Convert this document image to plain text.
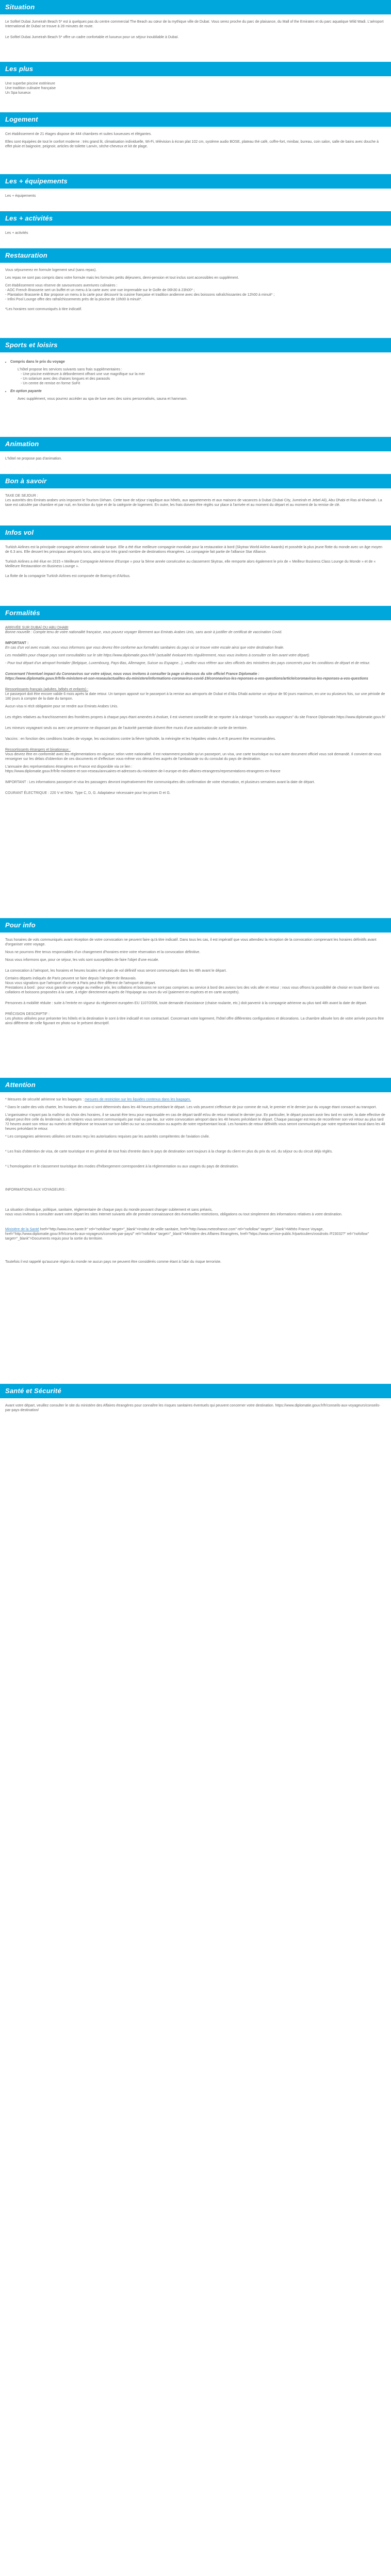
Situation

Le Sofitel Dubai Jumeirah Beach 5* est à quelques pas du centre commercial The Beach au cœur de la mythique ville de Dubaï. Vous serez proche du parc de plaisance, du Mall of the Emirates et du parc aquatique Wild Wadi. L'aéroport International de Dubaï se trouve à 28 minutes de route.

Le Sofitel Dubai Jumeirah Beach 5* offre un cadre confortable et luxueux pour un séjour inoubliable à Dubaï.

Les plus
Une superbe piscine extérieure
Une tradition culinaire française
Un Spa luxueux
Logement

Cet établissement de 21 étages dispose de 444 chambres et suites luxueuses et élégantes.

Elles sont équipées de tout le confort moderne : très grand lit, climatisation individuelle, Wi-Fi, télévision à écran plat 102 cm, système audio BOSE, plateau thé café, coffre-fort, minibar, bureau, coin salon, salle de bains avec douche à effet pluie et baignoire, peignoir, articles de toilette Lanvin, sèche-cheveux et kit de plage.

Les + équipements

Les + équipements

Les + activités

Les + activités

Restauration

Vous séjournerez en formule logement seul (sans repas).

Les repas ne sont pas compris dans votre formule mais les formules petits déjeuners, demi-pension et tout inclus sont accessibles en supplément.

Cet établissement vous réserve de savoureuses aventures culinaires :
- AOC French Brasserie sert un buffet et un menu à la carte avec une vue imprenable sur le Golfe de 06h30 à 23h00* ;
- Plantation Brasserie & Bar propose un menu à la carte pour découvrir la cuisine française et tradition andienne avec des boissons rafraîchissantes de 12h00 à minuit* ;
- Infini Pool Lounge offre des rafraîchissements près de la piscine de 10h00 à minuit*.
*Les horaires sont communiqués à titre indicatif.
Sports et loisirs
• Compris dans le prix du voyage
L'hôtel propose les services suivants sans frais supplémentaires :
- Une piscine extérieure à débordement offrant une vue magnifique sur la mer
- Un solarium avec des chaises longues et des parasols
- Un centre de remise en forme SoFit
• En option payante
Avec supplément, vous pourrez accéder au spa de luxe avec des soins personnalisés, sauna et hammam.
Animation

L'hôtel ne propose pas d'animation.

Bon à savoir
TAXE DE SEJOUR :
Les autorités des Emirats arabes unis imposent le Tourism Dirham. Cette taxe de séjour s'applique aux hôtels, aux appartements et aux maisons de vacances à Dubaï (Dubaï City, Jumeirah et Jebel Ali), Abu Dhabi et Ras al-Khaimah. La taxe est calculée par chambre et par nuit, en fonction du type et de la catégorie de logement. En outre, les frais doivent être réglés sur place à l'arrivée et au moment du départ et au moment de la remise de clé.
Infos vol

Turkish Airlines est la principale compagnie aérienne nationale turque. Elle a été élue meilleure compagnie mondiale pour la restauration à bord (Skytrax World Airline Awards) et possède la plus jeune flotte du monde avec un âge moyen de 6.3 ans. Elle dessert les principaux aéroports turcs, ainsi qu'un très grand nombre de destinations étrangères. La compagnie fait partie de l'alliance Star Alliance.

Turkish Airlines a été élue en 2015 « Meilleure Compagnie Aérienne d'Europe » pour la 5ème année consécutive au classement Skytrax, elle remporte alors également le prix de « Meilleur Business Class Lounge du Monde » et de « Meilleure Restauration en Business Lounge ».

La flotte de la compagnie Turkish Airlines est composée de Boeing et d'Airbus.

Formalités
ARRIVÉE SUR DUBAÏ OU ABU DHABI

Bonne nouvelle : Compte tenu de votre nationalité française, vous pouvez voyager librement aux Emirats Arabes Unis, sans avoir à justifier de certificat de vaccination Covid.

IMPORTANT :

En cas d'un vol avec escale, nous vous informons que vous devrez être conforme aux formalités sanitaires du pays où se trouve votre escale ainsi que votre destination finale.

Les modalités pour chaque pays sont consultables sur le site https://www.diplomatie.gouv.fr/fr/ (actualité évoluant très régulièrement, nous vous invitons à consulter ce lien avant votre départ).

- Pour tout départ d'un aéroport frontalier (Belgique, Luxembourg, Pays-Bas, Allemagne, Suisse ou Espagne...), veuillez vous référer aux sites officiels des ministères des pays concernés pour les conditions de départ et de retour.

Concernant l'éventuel impact du Coronavirus sur votre séjour, nous vous invitons à consulter la page ci-dessous du site officiel France Diplomatie :

https://www.diplomatie.gouv.fr/fr/le-ministere-et-son-reseau/actualites-du-ministere/informations-coronavirus-covid-19/coronavirus-les-reponses-a-vos-questions/article/coronavirus-les-reponses-a-vos-questions

Ressortissants français (adultes, bébés et enfants) :

Le passeport doit être encore valide 6 mois après la date retour. Un tampon apposé sur le passeport à la remise aux aéroports de Dubaï et d'Abu Dhabi autorise un séjour de 90 jours maximum, en une ou plusieurs fois, sur une période de 180 jours à compter de la date du tampon.

Aucun visa ni récit obligatoire pour se rendre aux Emirats Arabes Unis.

Les règles relatives au franchissement des frontières propres à chaque pays étant amenées à évoluer, il est vivement conseillé de se reporter à la rubrique "conseils aux voyageurs" du site France Diplomatie.https://www.diplomatie.gouv.fr/

Les mineurs voyageant seuls ou avec une personne ne disposant pas de l'autorité parentale doivent être munis d'une autorisation de sortie de territoire.

Vaccins : en fonction des conditions locales de voyage, les vaccinations contre la fièvre typhoïde, la méningite et les hépatites virales A et B peuvent être recommandées.

Ressortissants étrangers et binationaux :

Vous devrez être en conformité avec les réglementations en vigueur, selon votre nationalité. Il est notamment possible qu'un passeport, un visa, une carte touristique ou tout autre document officiel vous soit demandé. Il convient de vous renseigner sur les délais d'obtention de ces documents et d'effectuer vous-même vos démarches auprès de l'ambassade ou du consulat du pays de destination.

L'annuaire des représentations étrangères en France est disponible via ce lien :

https://www.diplomatie.gouv.fr/fr/le-ministere-et-son-reseau/annuaires-et-adresses-du-ministere-de-l-europe-et-des-affaires-etrangeres/representations-etrangeres-en-france

IMPORTANT : Les informations passeport et visa les passagers devront impérativement être communiquées dès confirmation de votre réservation, et plusieurs semaines avant la date de départ.

COURANT ÉLECTRIQUE : 220 V et 50Hz. Type C, D, G. Adaptateur nécessaire pour les prises D et G.

Pour info

Tous horaires de vols communiqués avant réception de votre convocation ne peuvent faire qu'à titre indicatif. Dans tous les cas, il est impératif que vous attendiez la réception de la convocation comprenant les horaires définitifs avant d'organiser votre voyage.

Nous ne pourrons être tenus responsables d'un changement d'horaires entre votre réservation et la convocation définitive.

Nous vous informons que, pour ce séjour, les vols sont susceptibles de faire l'objet d'une escale.

La convocation à l'aéroport, les horaires et heures locales et le plan de vol définitif vous seront communiqués dans les 48h avant le départ.

Certains départs indiqués de Paris peuvent se faire depuis l'aéroport de Beauvais.
Nous vous signalons que l'aéroport d'arrivée à Paris peut être différent de l'aéroport de départ.

Prestations à bord : pour vous garantir un voyage au meilleur prix, les collations et boissons ne sont pas comprises au service à bord des avions lors des vols aller et retour ; nous vous offrons la possibilité de choisir en toute liberté vos collations et boissons proposées à la carte, à régler directement auprès de l'équipage au cours du vol (paiement en espèces et en carte acceptés).

Personnes à mobilité réduite : suite à l'entrée en vigueur du règlement européen EU 1107/2006, toute demande d'assistance (chaise roulante, etc.) doit parvenir à la compagnie aérienne au plus tard 48h avant la date de départ.

PRÉCISION DESCRIPTIF :

Les photos utilisées pour présenter les hôtels et la destination le sont à titre indicatif et non contractuel. Concernant votre logement, l'hôtel offre différentes configurations et décorations. La chambre allouée lors de votre arrivée pourra être ainsi différente de celle figurant en photo sur le présent descriptif.

Attention

* Mesures de sécurité aérienne sur les bagages : mesures de restriction sur les liquides contenus dans les bagages.

* Dans le cadre des vols charter, les horaires de ceux-ci sont déterminés dans les 48 heures précédant le départ. Les vols peuvent s'effectuer de jour comme de nuit, le premier et le dernier jour du voyage étant consacré au transport.

L'organisateur n'ayant pas la maîtrise du choix des horaires, il se saurait être tenu pour responsable en cas de départ tardif et/ou de retour matinal le dernier jour. En particulier, le départ pouvant avoir lieu tard en soirée, la date effective de départ peut être celle du lendemain. Les horaires vous seront communiqués par mail ou par fax, sur votre convocation aéroport dans les 48 heures précédant le départ. Chaque passager est tenu de reconfirmer son vol retour au plus tard 72 heures avant son retour au numéro de téléphone se trouvant sur son billet ou sur sa convocation ou auprès de notre représentant local. Les horaires de retour définitifs vous seront communiqués par notre représentant local dans les 48 heures précédant le retour.

* Les compagnies aériennes utilisées ont toutes reçu les autorisations requises par les autorités compétentes de l'aviation civile.

* Les frais d'obtention de visa, de carte touristique et en général de tout frais d'entrée dans le pays de destination sont toujours à la charge du client en plus du prix du vol, du séjour ou du circuit déjà réglés.

* L'homologation et le classement touristique des modes d'hébergement correspondent à la réglementation ou aux usages du pays de destination.

INFORMATIONS AUX VOYAGEURS :
La situation climatique, politique, sanitaire, réglementaire de chaque pays du monde pouvant changer subitement et sans préavis,

nous vous invitons à consulter avant votre départ les sites Internet suivants afin de prendre connaissance des éventuelles restrictions, obligations ou tout simplement des informations relatives à votre destination.

Ministère de la Santé href="http://www.invs.sante.fr" rel="nofollow" target="_blank">Institut de veille sanitaire, href="http://www.meteofrance.com" rel="nofollow" target="_blank">Météo France Voyage, href="http://www.diplomatie.gouv.fr/fr/conseils-aux-voyageurs/conseils-par-pays/" rel="nofollow" target="_blank">Ministère des Affaires Etrangères, href="https://www.service-public.fr/particuliers/vosdroits /F23032?" rel="nofollow" target="_blank">Documents requis pour la sortie du territoire.

Toutefois il est rappelé qu'aucune région du monde ne aucun pays ne peuvent être considérés comme étant à l'abri du risque terroriste.

Santé et Sécurité

Avant votre départ, veuillez consulter le site du ministère des Affaires étrangères pour connaître les risques sanitaires éventuels qui peuvent concerner votre destination. https://www.diplomatie.gouv.fr/fr/conseils-aux-voyageurs/conseils-par-pays-destination/
